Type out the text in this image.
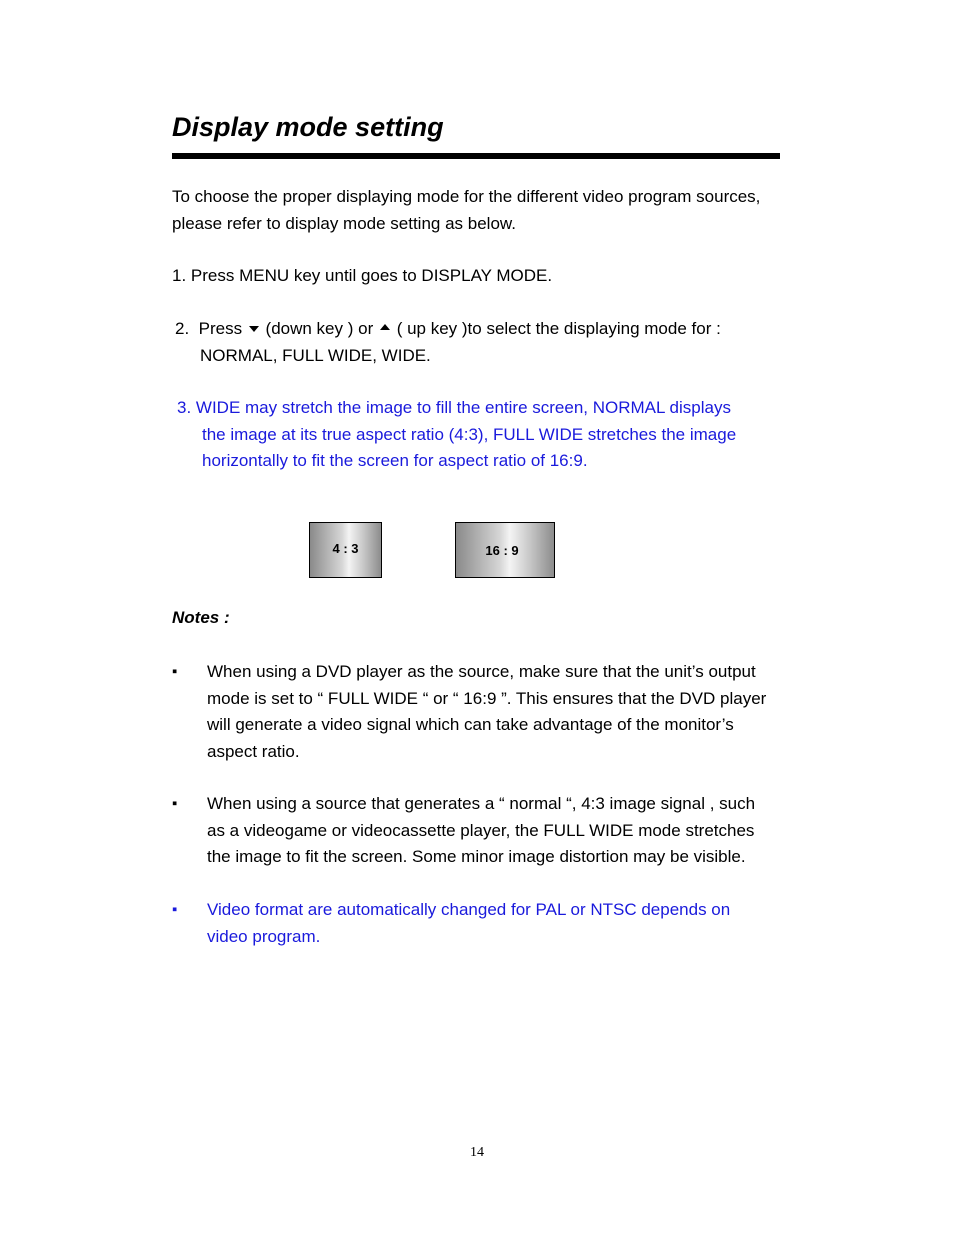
Display mode setting
To choose the proper displaying mode for the different video program sources,
please refer to display mode setting as below.
1. Press MENU key until goes to DISPLAY MODE.
2.  Press  (down key ) or  ( up key )to select the displaying mode for :
NORMAL, FULL WIDE, WIDE.
3. WIDE may stretch the image to fill the entire screen, NORMAL displays
the image at its true aspect ratio (4:3), FULL WIDE stretches the image
horizontally to fit the screen for aspect ratio of 16:9.
4 : 3	16 : 9
Notes :
▪	When using a DVD player as the source, make sure that the unit’s output
mode is set to “ FULL WIDE “ or “ 16:9 ”. This ensures that the DVD player
will generate a video signal which can take advantage of the monitor’s
aspect ratio.
▪	When using a source that generates a “ normal “, 4:3 image signal , such
as a videogame or videocassette player, the FULL WIDE mode stretches
the image to fit the screen. Some minor image distortion may be visible.
▪	Video format are automatically changed for PAL or NTSC depends on
video program.
14
